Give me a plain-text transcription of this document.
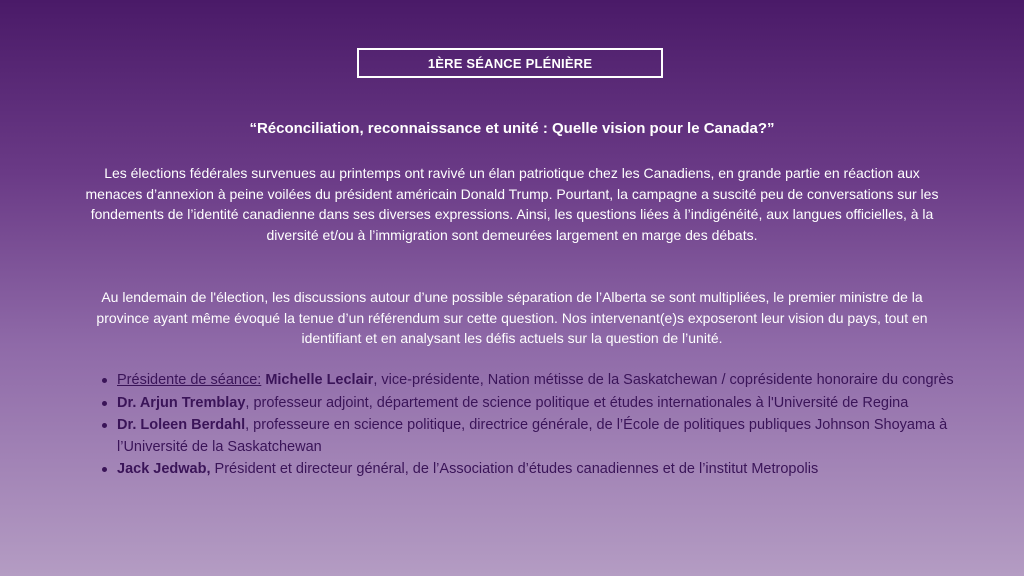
1ÈRE SÉANCE PLÉNIÈRE
“Réconciliation, reconnaissance et unité : Quelle vision pour le Canada?”
Les élections fédérales survenues au printemps ont ravivé un élan patriotique chez les Canadiens, en grande partie en réaction aux menaces d’annexion à peine voilées du président américain Donald Trump. Pourtant, la campagne a suscité peu de conversations sur les fondements de l’identité canadienne dans ses diverses expressions. Ainsi, les questions liées à l’indigénéité, aux langues officielles, à la diversité et/ou à l’immigration sont demeurées largement en marge des débats.
Au lendemain de l'élection, les discussions autour d’une possible séparation de l’Alberta se sont multipliées, le premier ministre de la province ayant même évoqué la tenue d’un référendum sur cette question. Nos intervenant(e)s exposeront leur vision du pays, tout en identifiant et en analysant les défis actuels sur la question de l’unité.
Présidente de séance: Michelle Leclair, vice-présidente, Nation métisse de la Saskatchewan / coprésidente honoraire du congrès
Dr. Arjun Tremblay, professeur adjoint, département de science politique et études internationales à l'Université de Regina
Dr. Loleen Berdahl, professeure en science politique, directrice générale, de l’École de politiques publiques Johnson Shoyama à l’Université de la Saskatchewan
Jack Jedwab, Président et directeur général, de l’Association d’études canadiennes et de l’institut Metropolis
